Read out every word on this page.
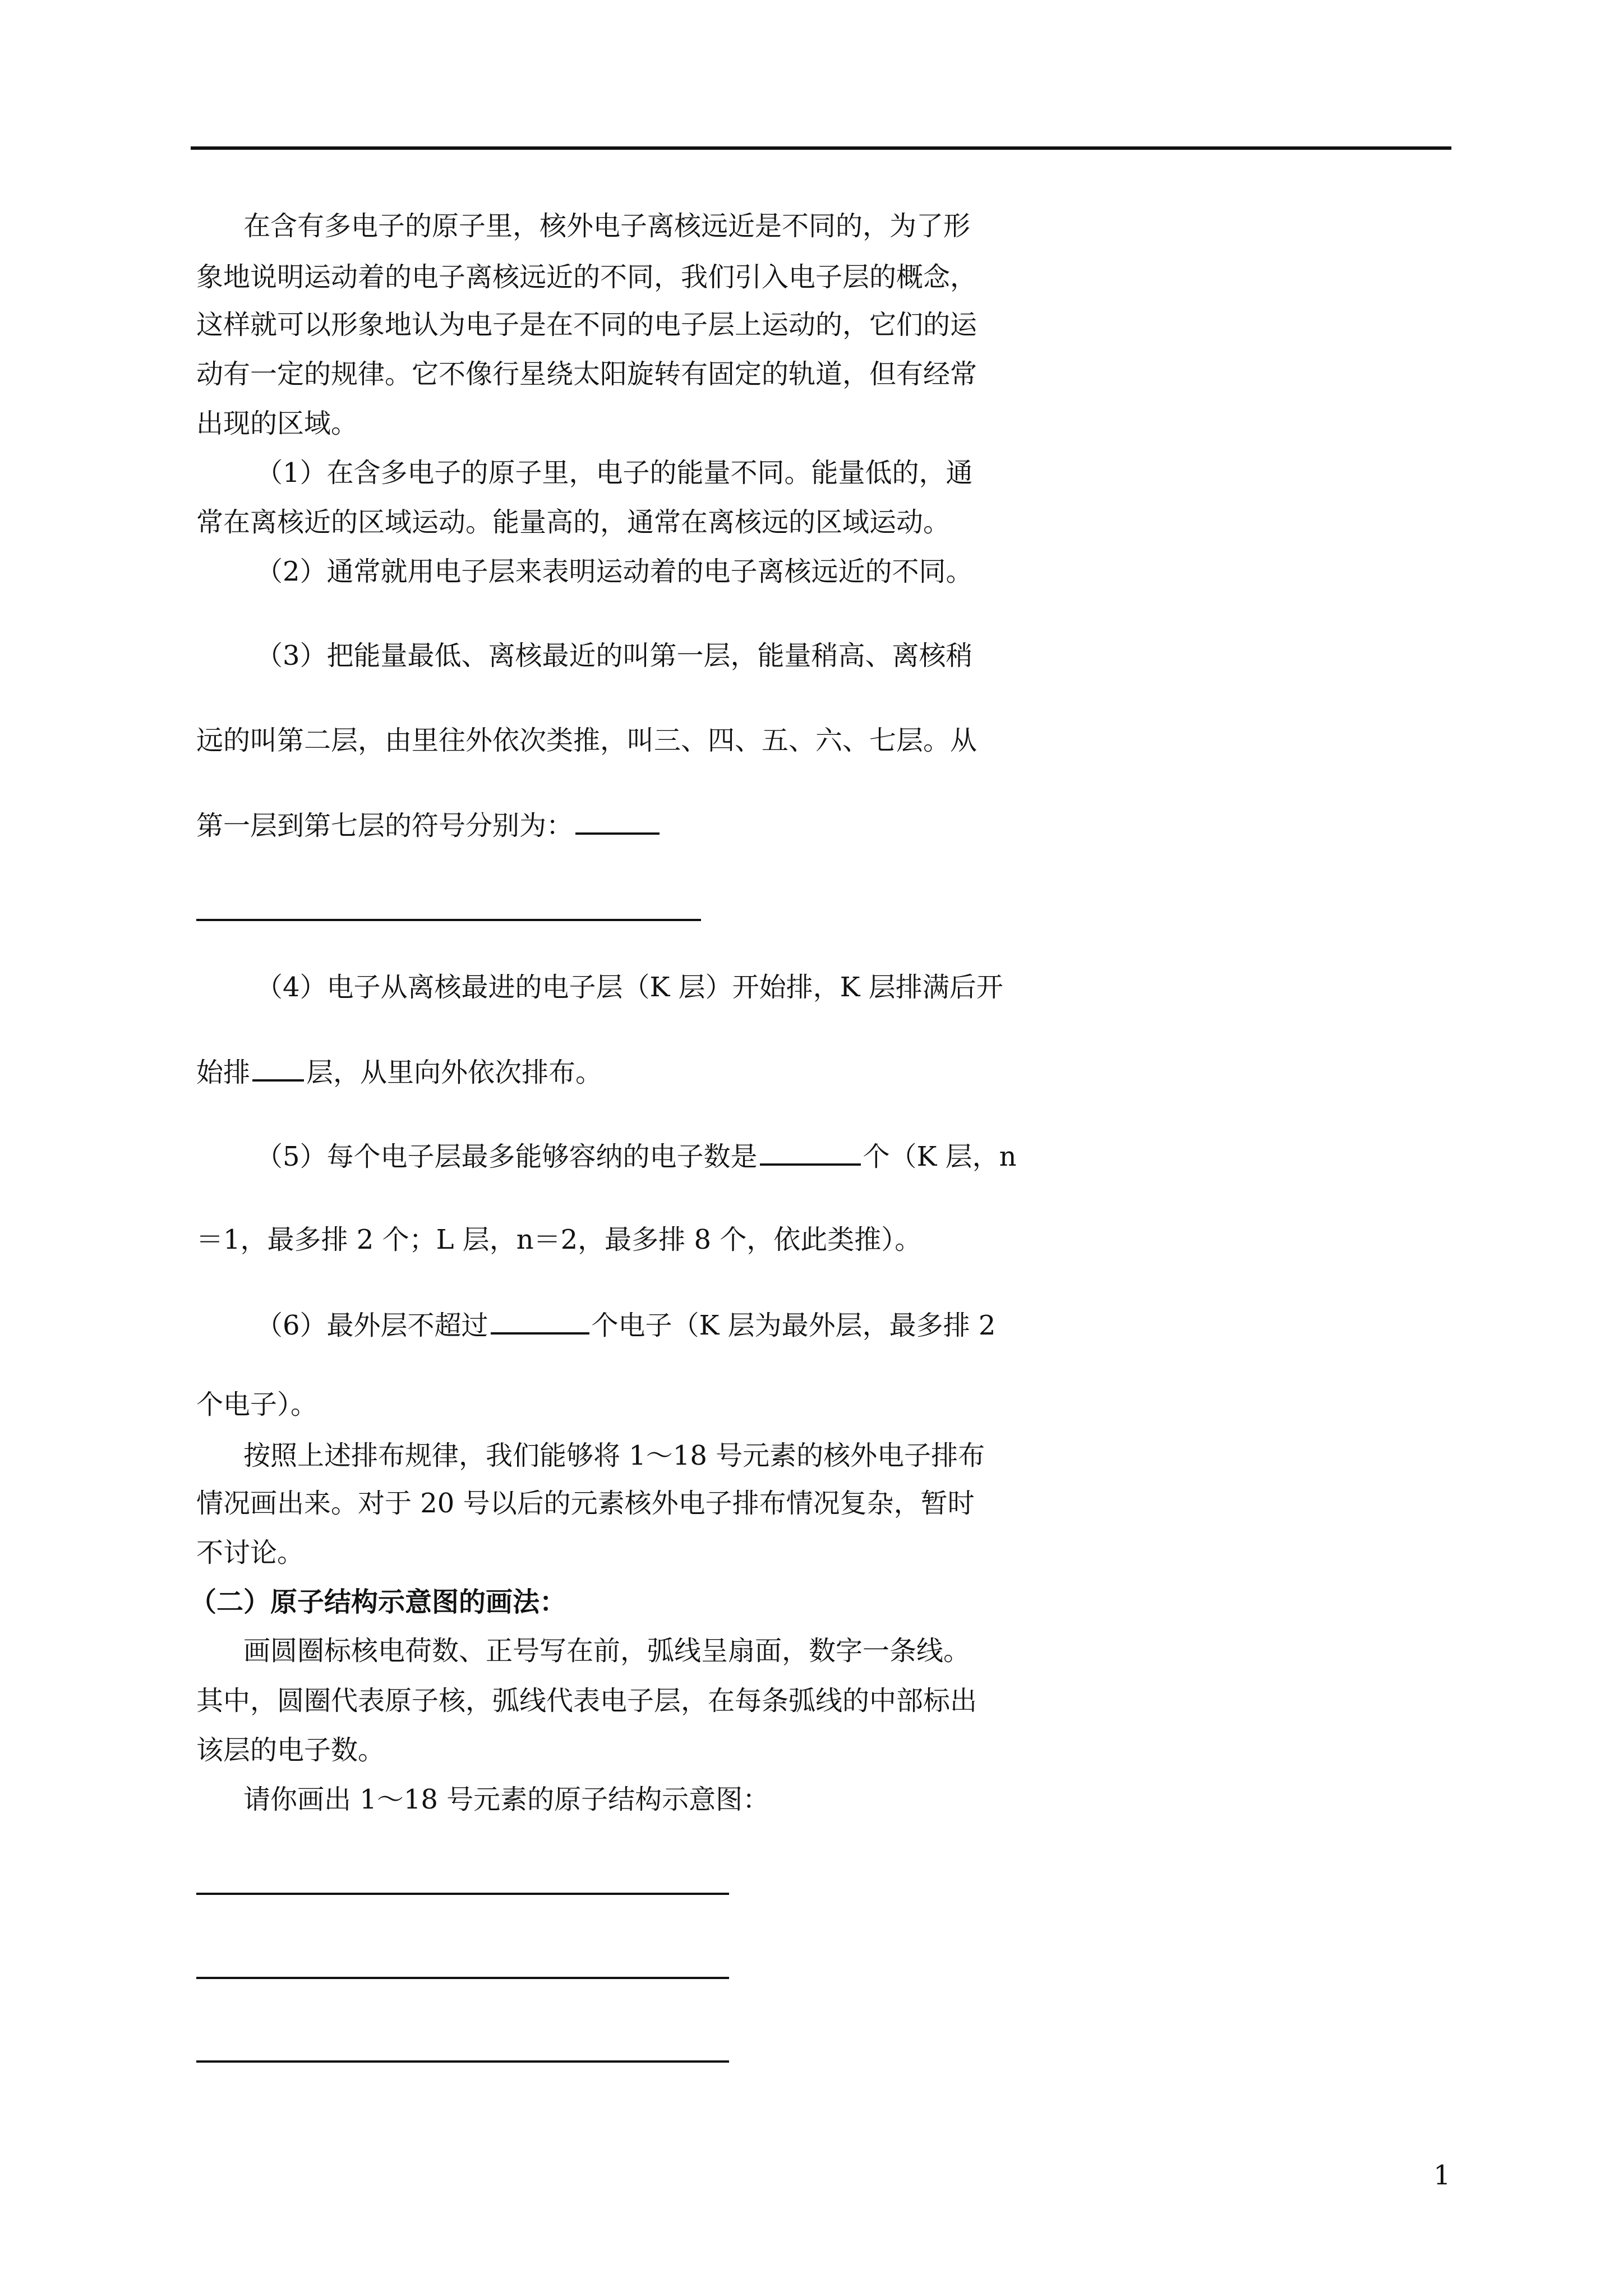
在含有多电子的原子里，核外电子离核远近是不同的，为了形
象地说明运动着的电子离核远近的不同，我们引入电子层的概念，
这样就可以形象地认为电子是在不同的电子层上运动的，它们的运
动有一定的规律。它不像行星绕太阳旋转有固定的轨道，但有经常
出现的区域。
（1）在含多电子的原子里，电子的能量不同。能量低的，通
常在离核近的区域运动。能量高的，通常在离核远的区域运动。
（2）通常就用电子层来表明运动着的电子离核远近的不同。
（3）把能量最低、离核最近的叫第一层，能量稍高、离核稍
远的叫第二层，由里往外依次类推，叫三、四、五、六、七层。从
第一层到第七层的符号分别为：
（4）电子从离核最进的电子层（K 层）开始排，K 层排满后开
始排 层，从里向外依次排布。
（5）每个电子层最多能够容纳的电子数是	个（K 层，n
＝1，最多排 2 个；L 层，n＝2，最多排 8 个，依此类推）。
（6）最外层不超过	个电子（K 层为最外层，最多排 2
个电子）。
按照上述排布规律，我们能够将 1～18 号元素的核外电子排布
情况画出来。对于 20 号以后的元素核外电子排布情况复杂，暂时
不讨论。
（二）原子结构示意图的画法：
画圆圈标核电荷数、正号写在前，弧线呈扇面，数字一条线。
其中，圆圈代表原子核，弧线代表电子层，在每条弧线的中部标出
该层的电子数。
请你画出 1～18 号元素的原子结构示意图：
1
